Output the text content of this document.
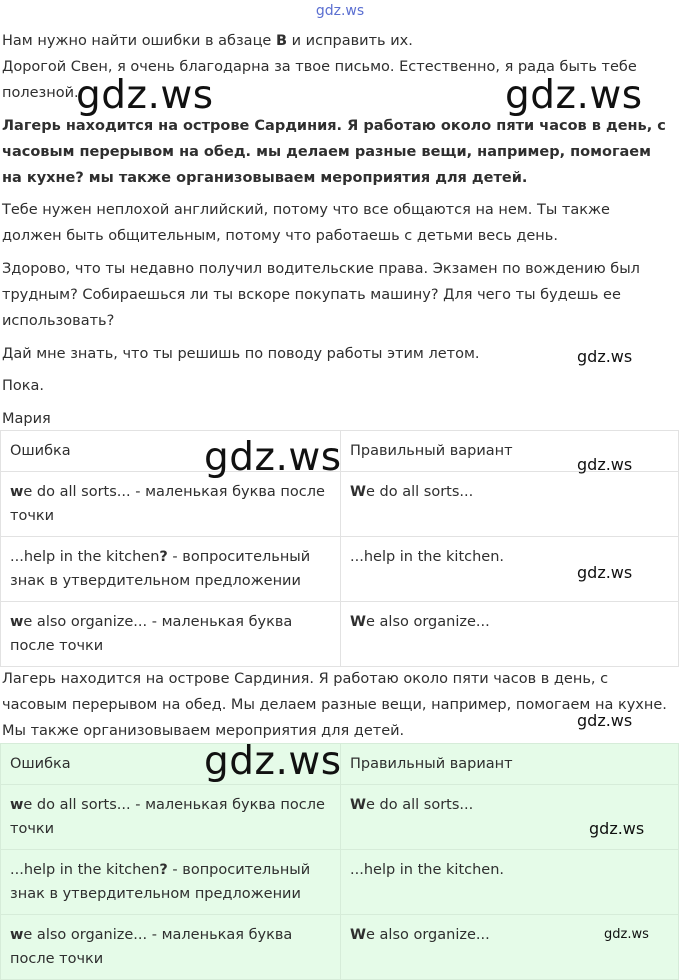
gdz.ws
Нам нужно найти ошибки в абзаце B и исправить их.
Дорогой Свен, я очень благодарна за твое письмо. Естественно, я рада быть тебе полезной.
Лагерь находится на острове Сардиния. Я работаю около пяти часов в день, с часовым перерывом на обед. мы делаем разные вещи, например, помогаем на кухне? мы также организовываем мероприятия для детей.
Тебе нужен неплохой английский, потому что все общаются на нем. Ты также должен быть общительным, потому что работаешь с детьми весь день.
Здорово, что ты недавно получил водительские права. Экзамен по вождению был трудным? Собираешься ли ты вскоре покупать машину? Для чего ты будешь ее использовать?
Дай мне знать, что ты решишь по поводу работы этим летом.
Пока.
Мария
Ошибка	Правильный вариант
we do all sorts... - маленькая буква после точки	We do all sorts...
...help in the kitchen? - вопросительный знак в утвердительном предложении	...help in the kitchen.
we also organize... - маленькая буква после точки	We also organize...
Лагерь находится на острове Сардиния. Я работаю около пяти часов в день, с часовым перерывом на обед. Мы делаем разные вещи, например, помогаем на кухне. Мы также организовываем мероприятия для детей.
Ошибка	Правильный вариант
we do all sorts... - маленькая буква после точки	We do all sorts...
...help in the kitchen? - вопросительный знак в утвердительном предложении	...help in the kitchen.
we also organize... - маленькая буква после точки	We also organize...
gdz.ws	gdz.ws
gdz.ws
gdz.ws
gdz.ws
gdz.ws
gdz.ws
gdz.ws
gdz.ws
gdz.ws
